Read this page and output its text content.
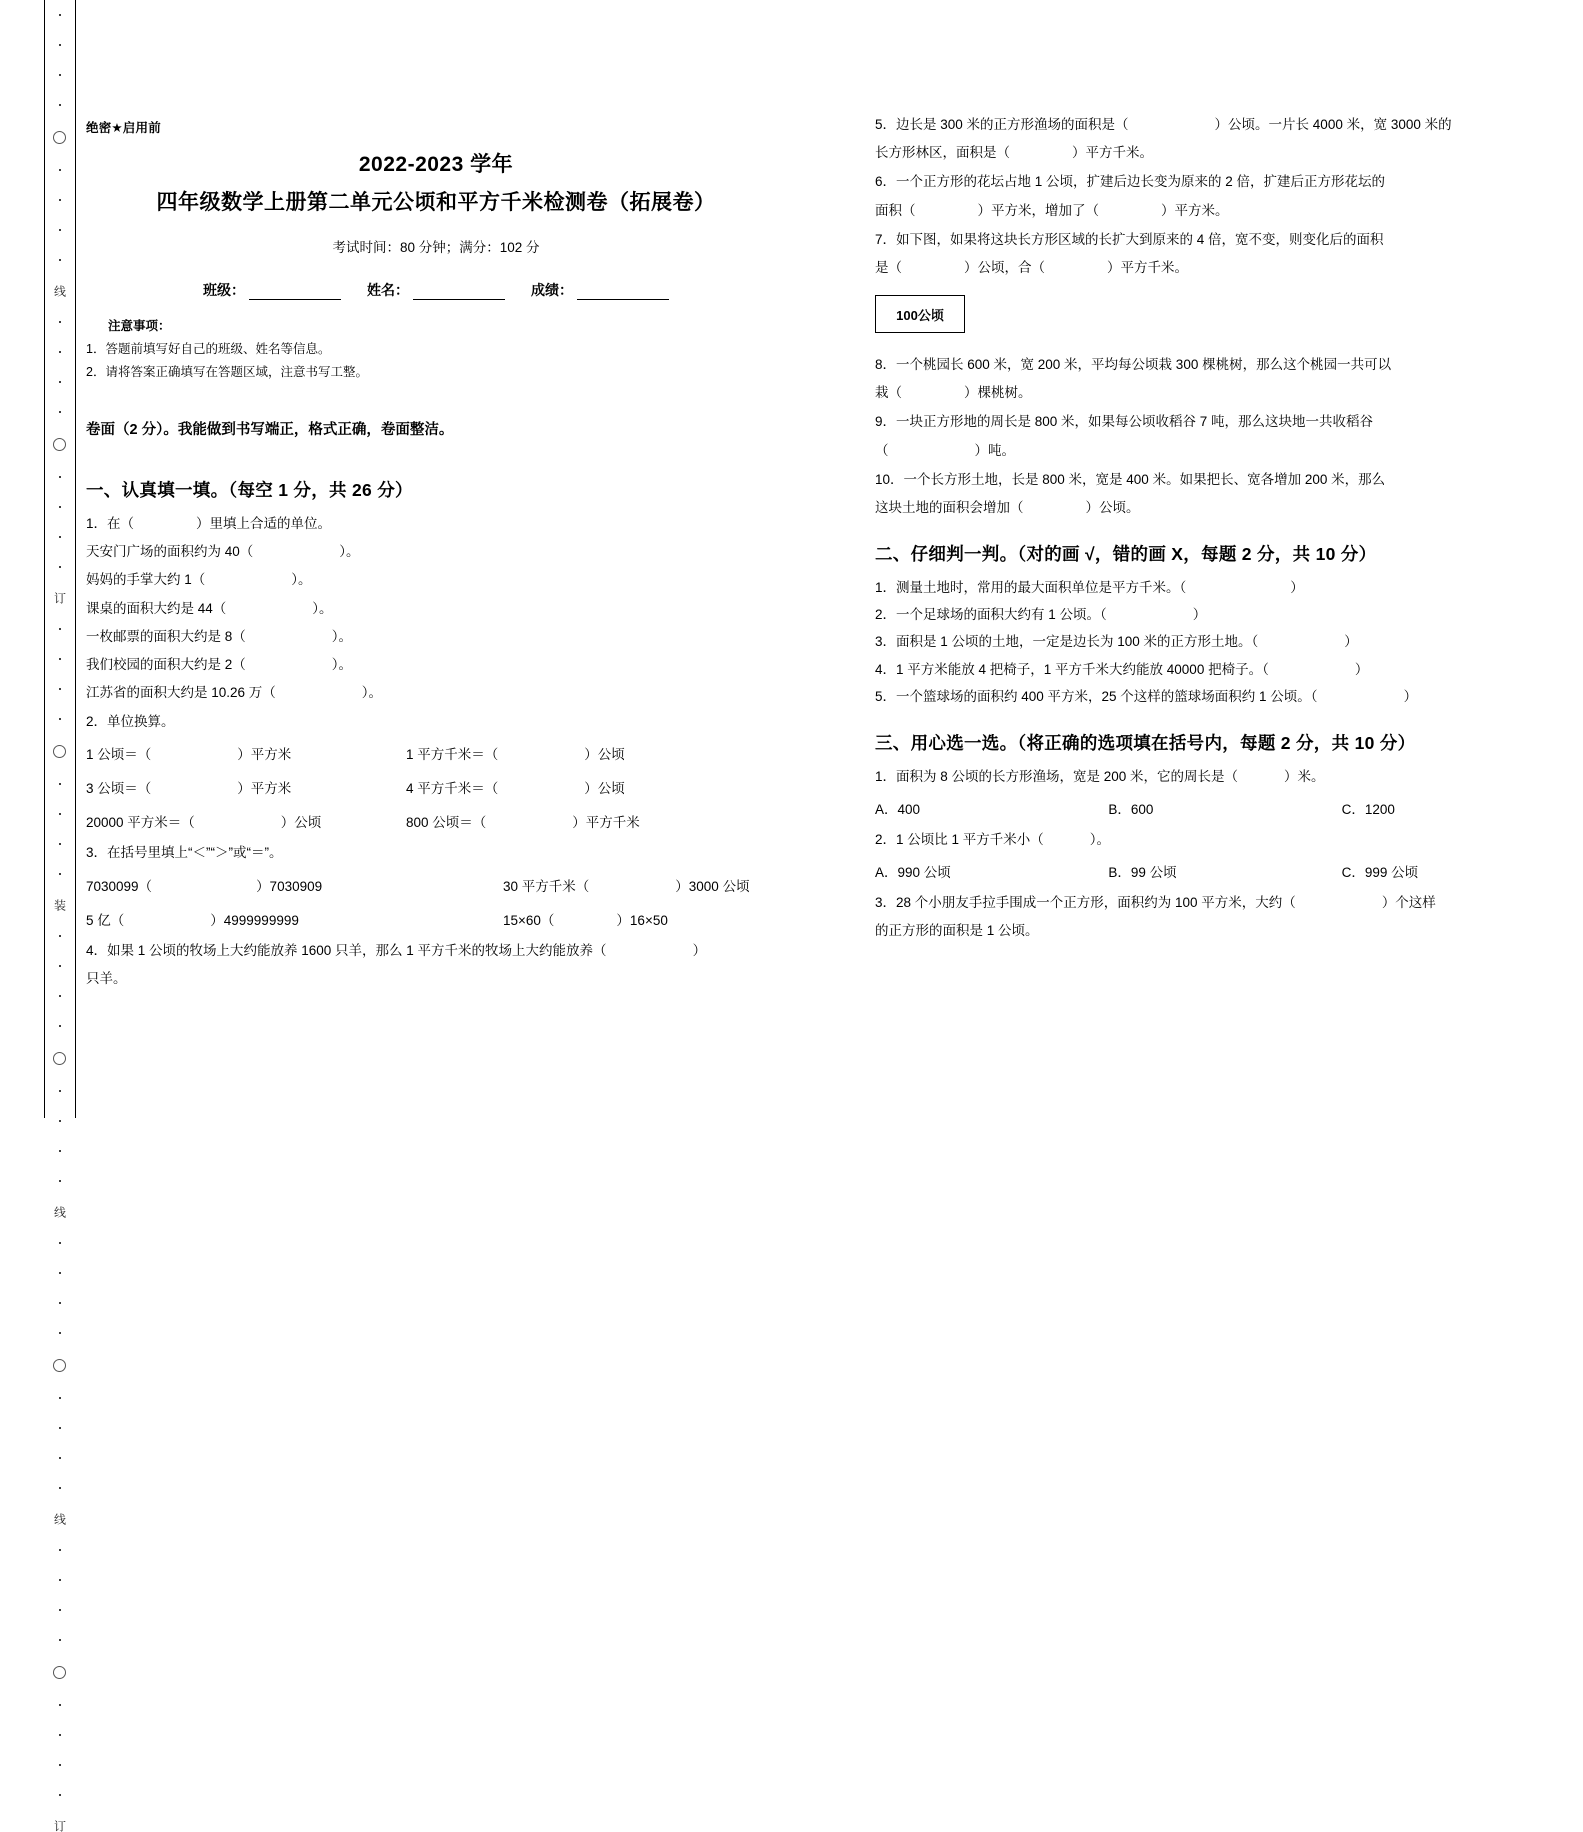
线
订
装
线
线
订
绝密★启用前
2022-2023 学年
四年级数学上册第二单元公顷和平方千米检测卷（拓展卷）
考试时间：80 分钟；满分：102 分
班级：	姓名：	成绩：
注意事项：
1．答题前填写好自己的班级、姓名等信息。
2．请将答案正确填写在答题区域，注意书写工整。
卷面（2 分）。我能做到书写端正，格式正确，卷面整洁。
一、认真填一填。（每空 1 分，共 26 分）
1．在（	）里填上合适的单位。
天安门广场的面积约为 40（	）。
妈妈的手掌大约 1（	）。
课桌的面积大约是 44（	）。
一枚邮票的面积大约是 8（	）。
我们校园的面积大约是 2（	）。
江苏省的面积大约是 10.26 万（	）。
2．单位换算。
1 公顷＝（	）平方米	1 平方千米＝（	）公顷
3 公顷＝（	）平方米	4 平方千米＝（	）公顷
20000 平方米＝（	）公顷	800 公顷＝（	）平方千米
3．在括号里填上“＜”“＞”或“＝”。
7030099（	）7030909	30 平方千米（	）3000 公顷
5 亿（	）4999999999	15×60（	）16×50
4．如果 1 公顷的牧场上大约能放养 1600 只羊，那么 1 平方千米的牧场上大约能放养（	）
只羊。
5．边长是 300 米的正方形渔场的面积是（	）公顷。一片长 4000 米，宽 3000 米的
长方形林区，面积是（	）平方千米。
6．一个正方形的花坛占地 1 公顷，扩建后边长变为原来的 2 倍，扩建后正方形花坛的
面积（	）平方米，增加了（	）平方米。
7．如下图，如果将这块长方形区域的长扩大到原来的 4 倍，宽不变，则变化后的面积
是（	）公顷，合（	）平方千米。
100公顷
8．一个桃园长 600 米，宽 200 米，平均每公顷栽 300 棵桃树，那么这个桃园一共可以
栽（	）棵桃树。
9．一块正方形地的周长是 800 米，如果每公顷收稻谷 7 吨，那么这块地一共收稻谷
（	）吨。
10．一个长方形土地，长是 800 米，宽是 400 米。如果把长、宽各增加 200 米，那么
这块土地的面积会增加（	）公顷。
二、仔细判一判。（对的画 √，错的画 X，每题 2 分，共 10 分）
1．测量土地时，常用的最大面积单位是平方千米。（	）
2．一个足球场的面积大约有 1 公顷。（	）
3．面积是 1 公顷的土地，一定是边长为 100 米的正方形土地。（	）
4．1 平方米能放 4 把椅子，1 平方千米大约能放 40000 把椅子。（	）
5．一个篮球场的面积约 400 平方米，25 个这样的篮球场面积约 1 公顷。（	）
三、用心选一选。（将正确的选项填在括号内，每题 2 分，共 10 分）
1．面积为 8 公顷的长方形渔场，宽是 200 米，它的周长是（	）米。
A．400	B．600	C．1200
2．1 公顷比 1 平方千米小（	）。
A．990 公顷	B．99 公顷	C．999 公顷
3．28 个小朋友手拉手围成一个正方形，面积约为 100 平方米，大约（	）个这样
的正方形的面积是 1 公顷。
